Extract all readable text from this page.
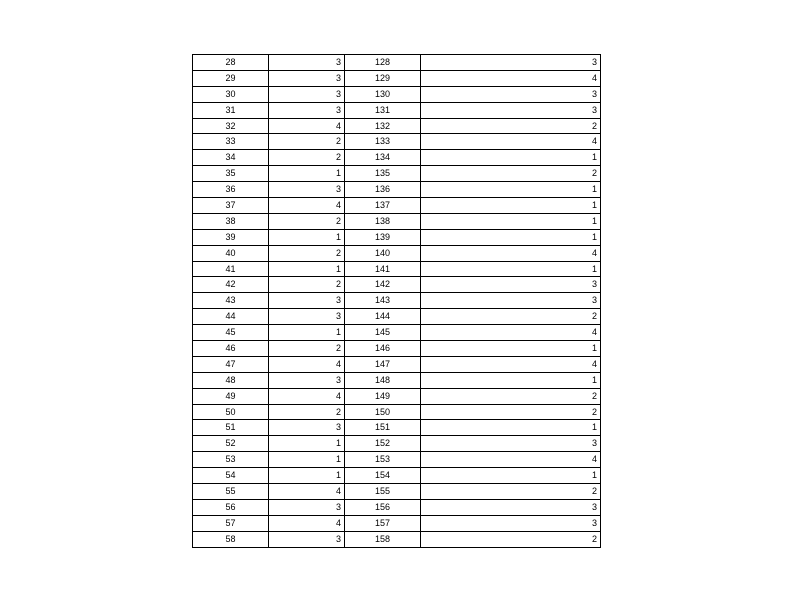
28	3	128	3
29	3	129	4
30	3	130	3
31	3	131	3
32	4	132	2
33	2	133	4
34	2	134	1
35	1	135	2
36	3	136	1
37	4	137	1
38	2	138	1
39	1	139	1
40	2	140	4
41	1	141	1
42	2	142	3
43	3	143	3
44	3	144	2
45	1	145	4
46	2	146	1
47	4	147	4
48	3	148	1
49	4	149	2
50	2	150	2
51	3	151	1
52	1	152	3
53	1	153	4
54	1	154	1
55	4	155	2
56	3	156	3
57	4	157	3
58	3	158	2
